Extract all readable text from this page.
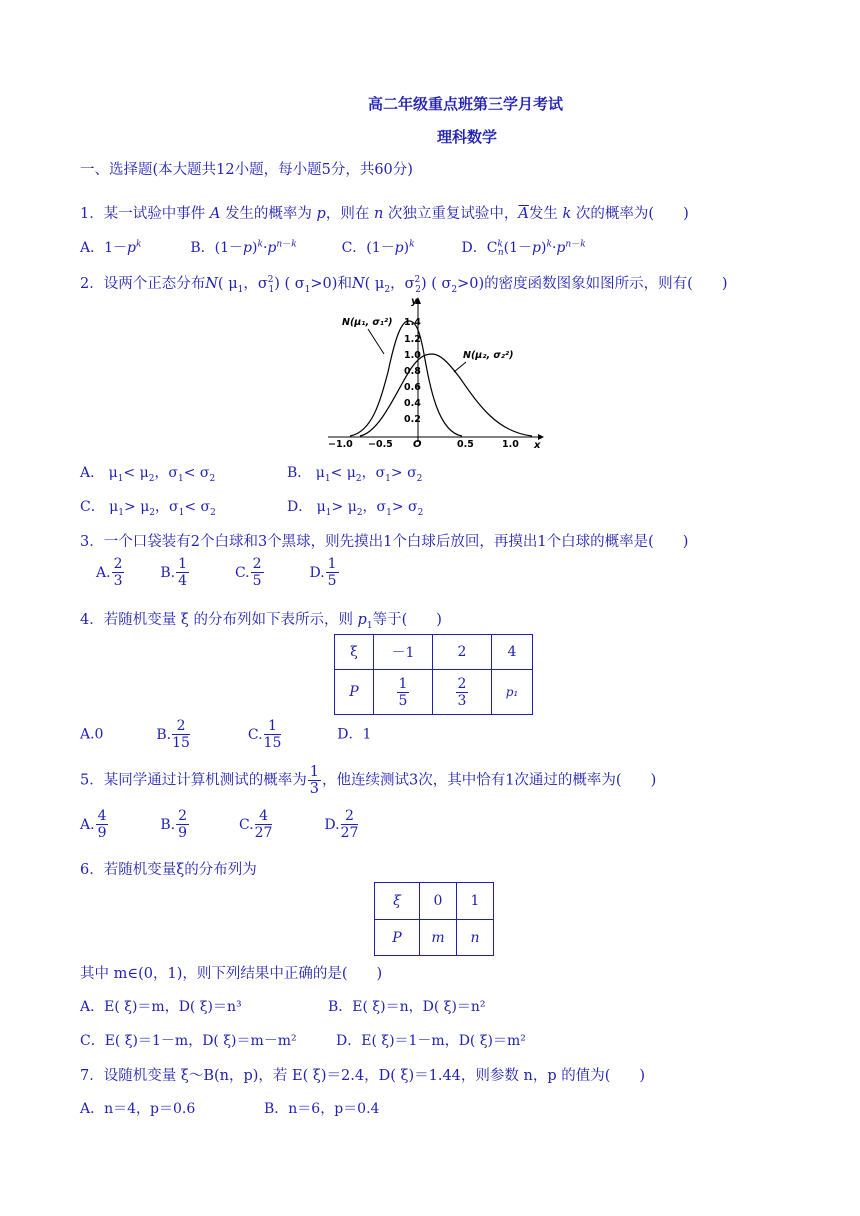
高二年级重点班第三学月考试
理科数学
一、选择题(本大题共12小题，每小题5分，共60分)
1．某一试验中事件 A 发生的概率为 p，则在 n 次独立重复试验中，$\overline{A}$发生 k 次的概率为(　　)
A．$1-p^k$	B．$(1-p)^k\cdot p^{n-k}$	C．$(1-p)^k$	D．$C^k_n(1-p)^k\cdot p^{n-k}$
2．设两个正态分布N( $\mu_1$，$\sigma^2_1$) ( $\sigma_1>0$)和N( $\mu_2$，$\sigma^2_2$) ( $\sigma_2>0$)的密度函数图象如图所示，则有(　　)
y
x
O
1.4
1.2
1.0
0.8
0.6
0.4
0.2
−1.0 −0.5	0.5	1.0
N(μ₁, σ₁²)
N(μ₂, σ₂²)
A． $\mu_1< \mu_2$，$\sigma_1< \sigma_2$	B． $\mu_1< \mu_2$，$\sigma_1> \sigma_2$
C． $\mu_1> \mu_2$，$\sigma_1< \sigma_2$	D． $\mu_1> \mu_2$，$\sigma_1> \sigma_2$
3．一个口袋装有2个白球和3个黑球，则先摸出1个白球后放回，再摸出1个白球的概率是(　　)
A. $\frac{2}{3}$	B. $\frac{1}{4}$	C. $\frac{2}{5}$	D. $\frac{1}{5}$
4．若随机变量 ξ 的分布列如下表所示，则 $p_1$等于(　　)
ξ	－1	2	4
P	$\frac{1}{5}$	$\frac{2}{3}$	p₁
A.0	B. $\frac{2}{15}$	C. $\frac{1}{15}$	D．1
5．某同学通过计算机测试的概率为 $\frac{1}{3}$ ，他连续测试3次，其中恰有1次通过的概率为(　　)
A. $\frac{4}{9}$	B. $\frac{2}{9}$	C. $\frac{4}{27}$	D. $\frac{2}{27}$
6．若随机变量ξ的分布列为
ξ	0	1
P	m	n
其中 m∈(0，1)，则下列结果中正确的是(　　)
A．E( ξ)＝m，D( ξ)＝n³	B．E( ξ)＝n，D( ξ)＝n²
C．E( ξ)＝1－m，D( ξ)＝m－m²	D．E( ξ)＝1－m，D( ξ)＝m²
7．设随机变量 ξ～B(n，p)，若 E( ξ)＝2.4，D( ξ)＝1.44，则参数 n，p 的值为(　　)
A．n＝4，p＝0.6	B．n＝6，p＝0.4
